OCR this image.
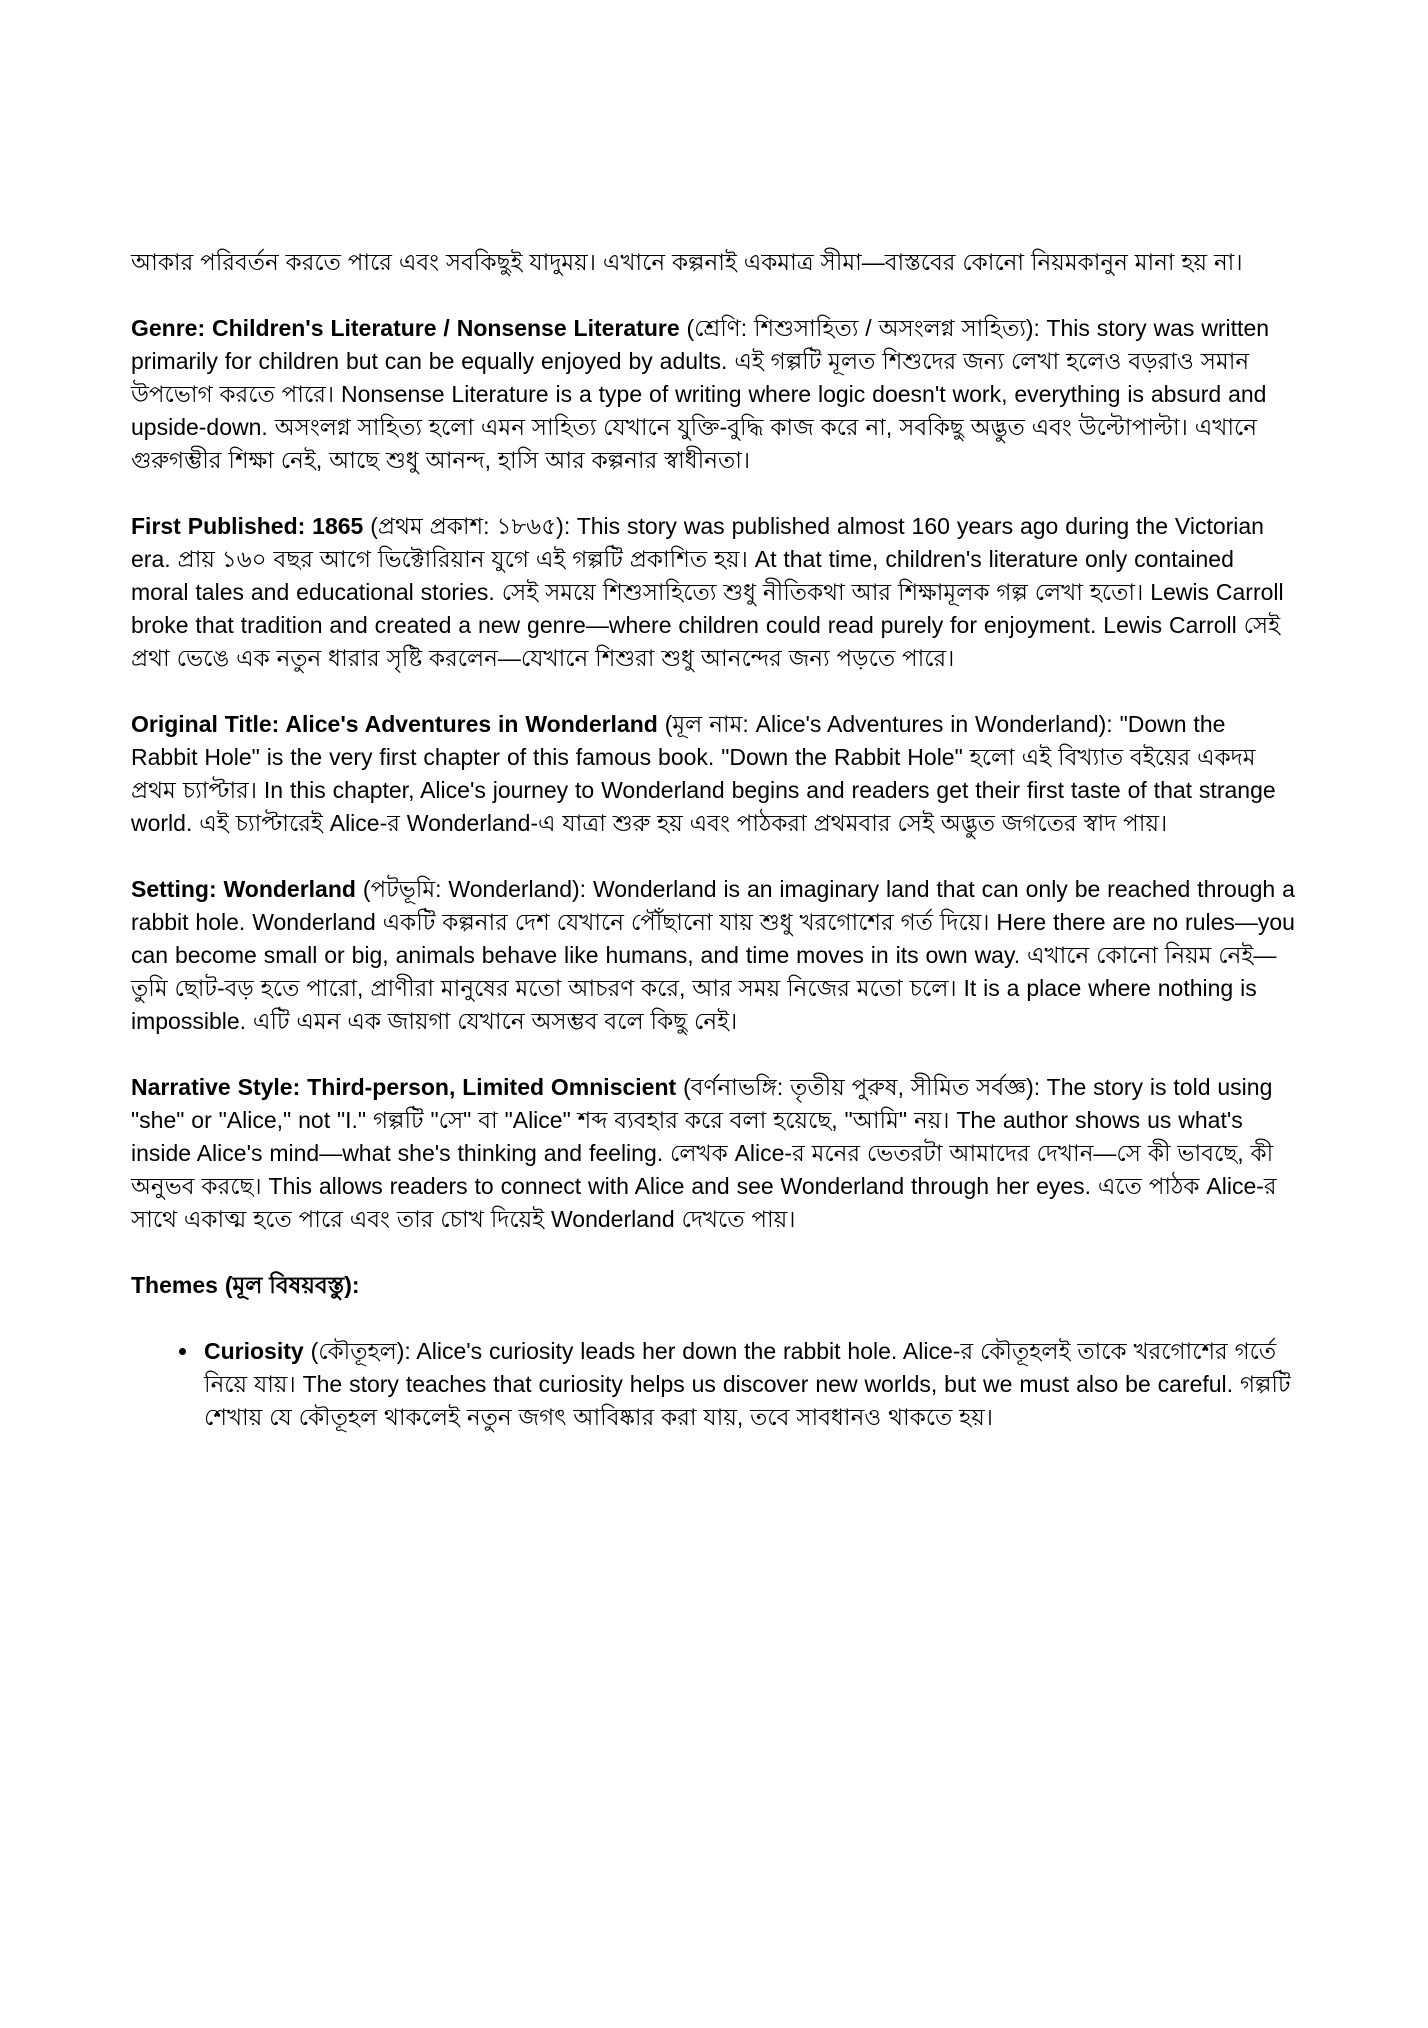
আকার পরিবর্তন করতে পারে এবং সবকিছুই যাদুময়। এখানে কল্পনাই একমাত্র সীমা—বাস্তবের কোনো নিয়মকানুন মানা হয় না।

Genre: Children's Literature / Nonsense Literature (শ্রেণি: শিশুসাহিত্য / অসংলগ্ন সাহিত্য): This story was written primarily for children but can be equally enjoyed by adults. এই গল্পটি মূলত শিশুদের জন্য লেখা হলেও বড়রাও সমান উপভোগ করতে পারে। Nonsense Literature is a type of writing where logic doesn't work, everything is absurd and upside-down. অসংলগ্ন সাহিত্য হলো এমন সাহিত্য যেখানে যুক্তি-বুদ্ধি কাজ করে না, সবকিছু অদ্ভুত এবং উল্টোপাল্টা। এখানে গুরুগম্ভীর শিক্ষা নেই, আছে শুধু আনন্দ, হাসি আর কল্পনার স্বাধীনতা।

First Published: 1865 (প্রথম প্রকাশ: ১৮৬৫): This story was published almost 160 years ago during the Victorian era. প্রায় ১৬০ বছর আগে ভিক্টোরিয়ান যুগে এই গল্পটি প্রকাশিত হয়। At that time, children's literature only contained moral tales and educational stories. সেই সময়ে শিশুসাহিত্যে শুধু নীতিকথা আর শিক্ষামূলক গল্প লেখা হতো। Lewis Carroll broke that tradition and created a new genre—where children could read purely for enjoyment. Lewis Carroll সেই প্রথা ভেঙে এক নতুন ধারার সৃষ্টি করলেন—যেখানে শিশুরা শুধু আনন্দের জন্য পড়তে পারে।

Original Title: Alice's Adventures in Wonderland (মূল নাম: Alice's Adventures in Wonderland): "Down the Rabbit Hole" is the very first chapter of this famous book. "Down the Rabbit Hole" হলো এই বিখ্যাত বইয়ের একদম প্রথম চ্যাপ্টার। In this chapter, Alice's journey to Wonderland begins and readers get their first taste of that strange world. এই চ্যাপ্টারেই Alice-র Wonderland-এ যাত্রা শুরু হয় এবং পাঠকরা প্রথমবার সেই অদ্ভুত জগতের স্বাদ পায়।

Setting: Wonderland (পটভূমি: Wonderland): Wonderland is an imaginary land that can only be reached through a rabbit hole. Wonderland একটি কল্পনার দেশ যেখানে পৌঁছানো যায় শুধু খরগোশের গর্ত দিয়ে। Here there are no rules—you can become small or big, animals behave like humans, and time moves in its own way. এখানে কোনো নিয়ম নেই—তুমি ছোট-বড় হতে পারো, প্রাণীরা মানুষের মতো আচরণ করে, আর সময় নিজের মতো চলে। It is a place where nothing is impossible. এটি এমন এক জায়গা যেখানে অসম্ভব বলে কিছু নেই।

Narrative Style: Third-person, Limited Omniscient (বর্ণনাভঙ্গি: তৃতীয় পুরুষ, সীমিত সর্বজ্ঞ): The story is told using "she" or "Alice," not "I." গল্পটি "সে" বা "Alice" শব্দ ব্যবহার করে বলা হয়েছে, "আমি" নয়। The author shows us what's inside Alice's mind—what she's thinking and feeling. লেখক Alice-র মনের ভেতরটা আমাদের দেখান—সে কী ভাবছে, কী অনুভব করছে। This allows readers to connect with Alice and see Wonderland through her eyes. এতে পাঠক Alice-র সাথে একাত্ম হতে পারে এবং তার চোখ দিয়েই Wonderland দেখতে পায়।

Themes (মূল বিষয়বস্তু):

• Curiosity (কৌতূহল): Alice's curiosity leads her down the rabbit hole. Alice-র কৌতূহলই তাকে খরগোশের গর্তে নিয়ে যায়। The story teaches that curiosity helps us discover new worlds, but we must also be careful. গল্পটি শেখায় যে কৌতূহল থাকলেই নতুন জগৎ আবিষ্কার করা যায়, তবে সাবধানও থাকতে হয়।
